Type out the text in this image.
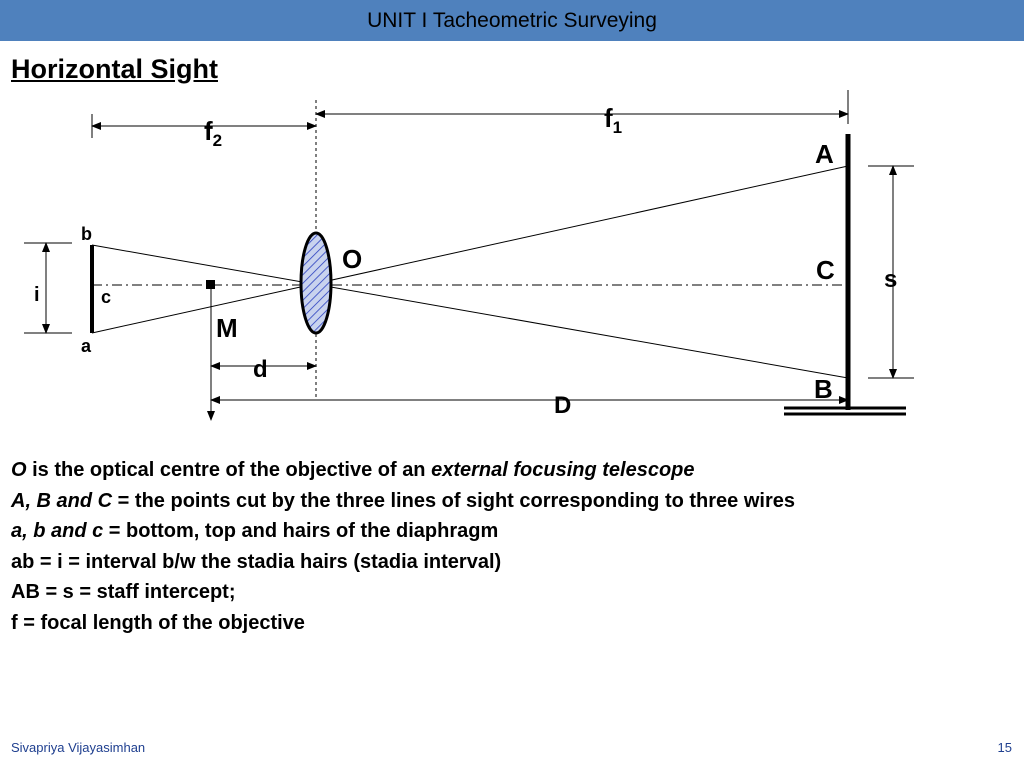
UNIT I Tacheometric Surveying
Horizontal Sight
$f_2$
$f_1$
s
i
d
D
A
C
B
O
M
b
c
a
O is the optical centre of the objective of an external focusing telescope
A, B and C = the points cut by the three lines of sight corresponding to three wires
a, b and c = bottom, top and hairs of the diaphragm
ab = i = interval b/w the stadia hairs (stadia interval)
AB = s = staff intercept;
f = focal length of the objective
Sivapriya Vijayasimhan	15
